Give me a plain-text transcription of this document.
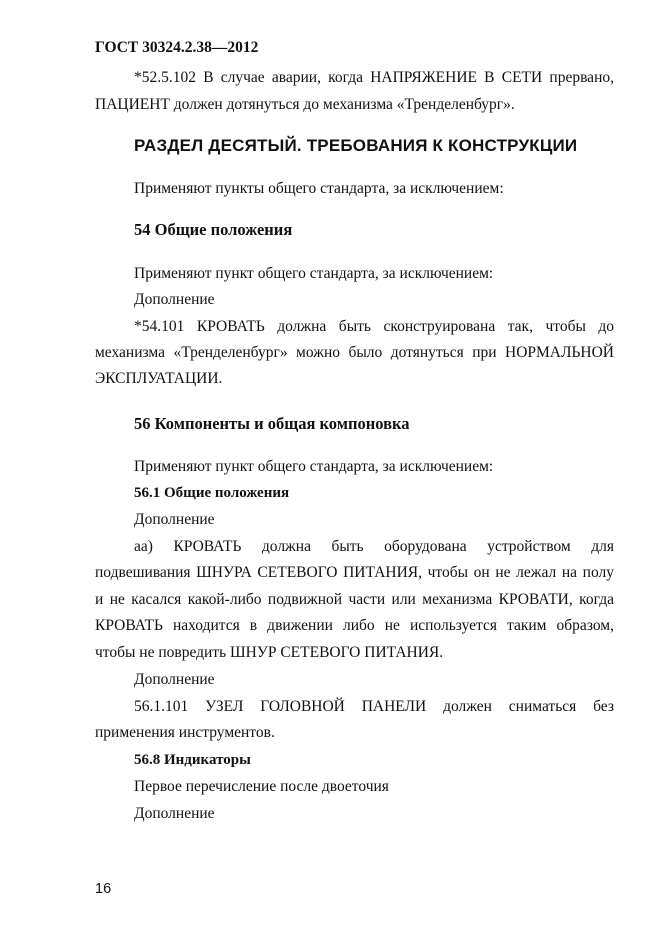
ГОСТ 30324.2.38—2012
*52.5.102 В случае аварии, когда НАПРЯЖЕНИЕ В СЕТИ прервано,
ПАЦИЕНТ должен дотянуться до механизма «Тренделенбург».
РАЗДЕЛ ДЕСЯТЫЙ. ТРЕБОВАНИЯ К КОНСТРУКЦИИ
Применяют пункты общего стандарта, за исключением:
54 Общие положения
Применяют пункт общего стандарта, за исключением:
Дополнение
*54.101 КРОВАТЬ должна быть сконструирована так, чтобы до
механизма «Тренделенбург» можно было дотянуться при НОРМАЛЬНОЙ
ЭКСПЛУАТАЦИИ.
56 Компоненты и общая компоновка
Применяют пункт общего стандарта, за исключением:
56.1 Общие положения
Дополнение
аа) КРОВАТЬ должна быть оборудована устройством для
подвешивания ШНУРА СЕТЕВОГО ПИТАНИЯ, чтобы он не лежал на полу
и не касался какой-либо подвижной части или механизма КРОВАТИ, когда
КРОВАТЬ находится в движении либо не используется таким образом,
чтобы не повредить ШНУР СЕТЕВОГО ПИТАНИЯ.
Дополнение
56.1.101 УЗЕЛ ГОЛОВНОЙ ПАНЕЛИ должен сниматься без
применения инструментов.
56.8 Индикаторы
Первое перечисление после двоеточия
Дополнение
16
